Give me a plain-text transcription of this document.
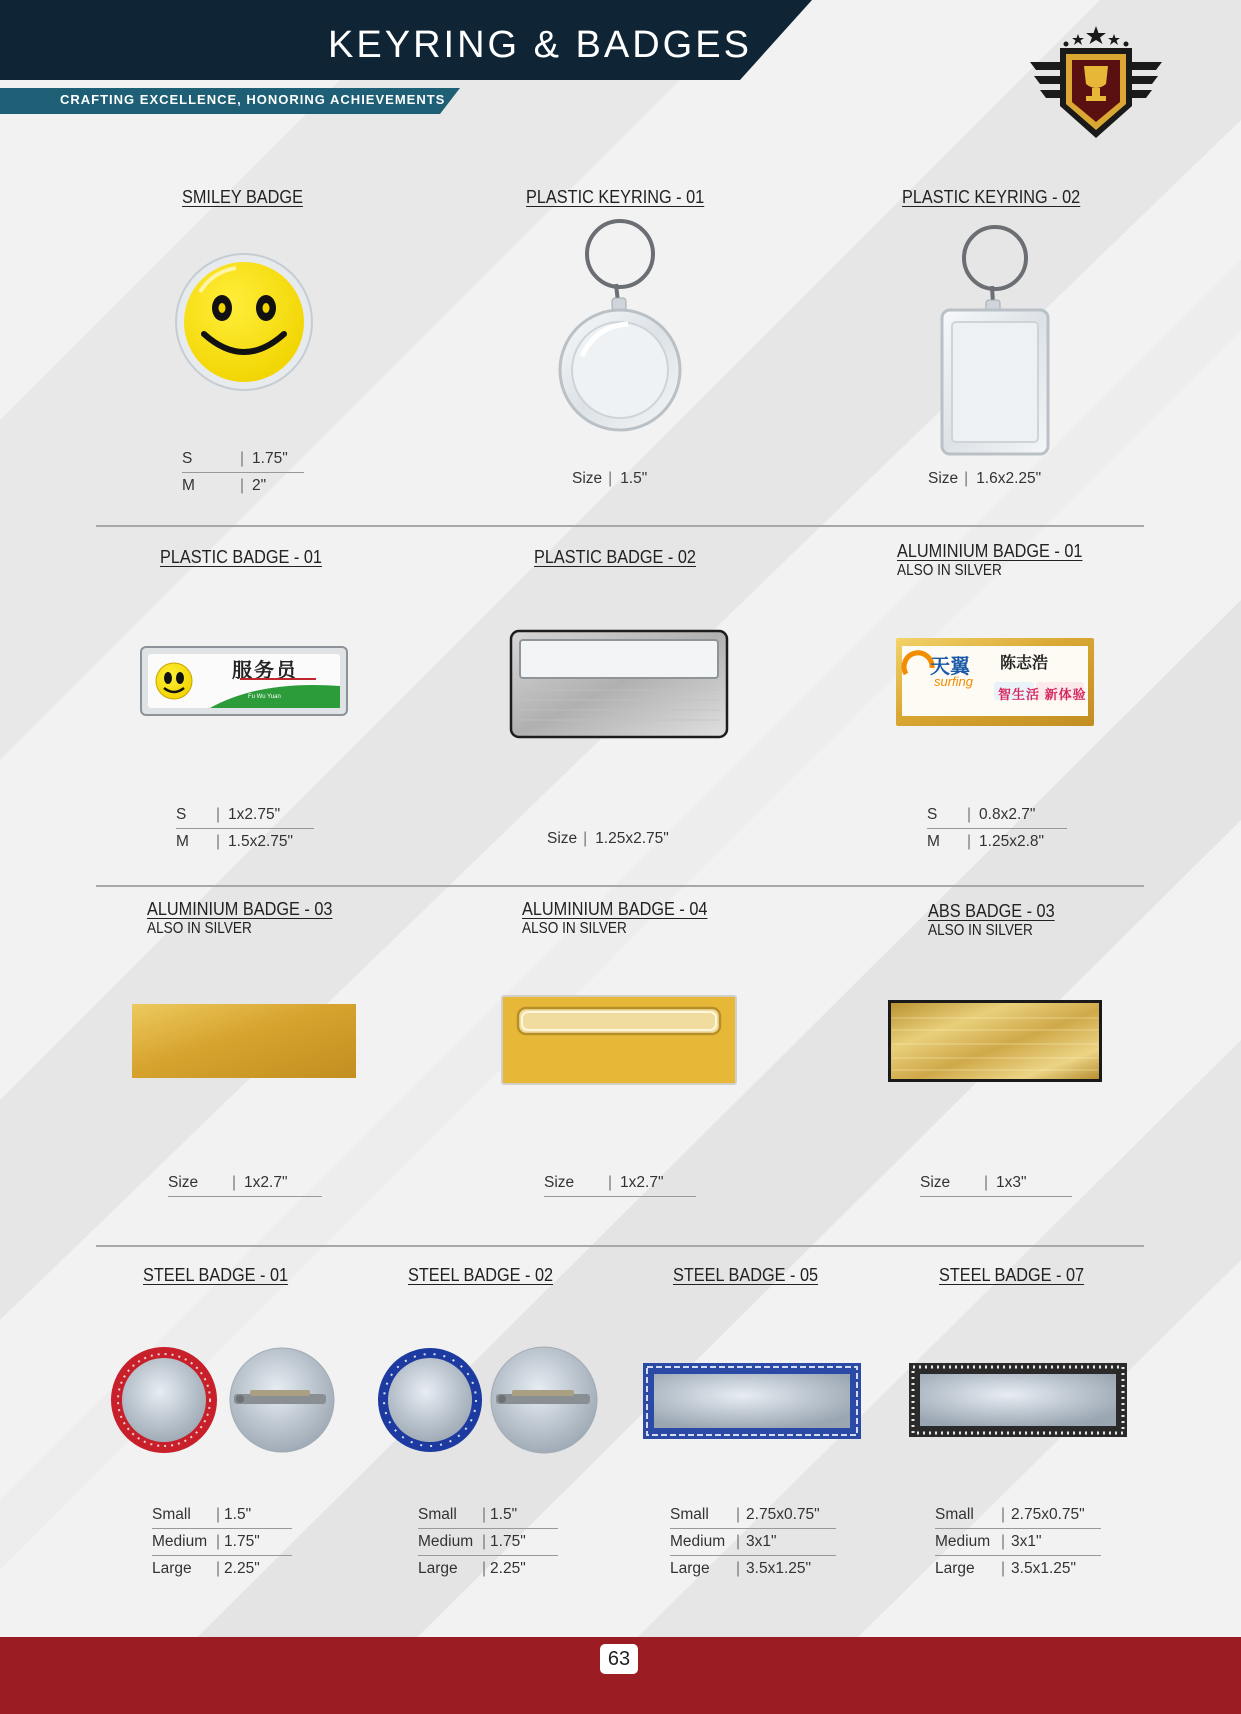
KEYRING & BADGES
CRAFTING EXCELLENCE, HONORING ACHIEVEMENTS
SMILEY BADGE
S	| 1.75"
M	| 2"
PLASTIC KEYRING - 01
Size | 1.5"
PLASTIC KEYRING - 02
Size | 1.6x2.25"
PLASTIC BADGE - 01
服务员
Fu Wu Yuan
S	| 1x2.75"
M	| 1.5x2.75"
PLASTIC BADGE - 02
Size | 1.25x2.75"
ALUMINIUM BADGE - 01
ALSO IN SILVER
天翼
surfing
陈志浩
智生活 新体验
S	| 0.8x2.7"
M	| 1.25x2.8"
ALUMINIUM BADGE - 03
ALSO IN SILVER
Size	| 1x2.7"
ALUMINIUM BADGE - 04
ALSO IN SILVER
Size	| 1x2.7"
ABS BADGE - 03
ALSO IN SILVER
Size	| 1x3"
STEEL BADGE - 01
Small	| 1.5"
Medium | 1.75"
Large	| 2.25"
STEEL BADGE - 02
Small	| 1.5"
Medium | 1.75"
Large	| 2.25"
STEEL BADGE - 05
Small	| 2.75x0.75"
Medium | 3x1"
Large	| 3.5x1.25"
STEEL BADGE - 07
Small	| 2.75x0.75"
Medium | 3x1"
Large	| 3.5x1.25"
63
